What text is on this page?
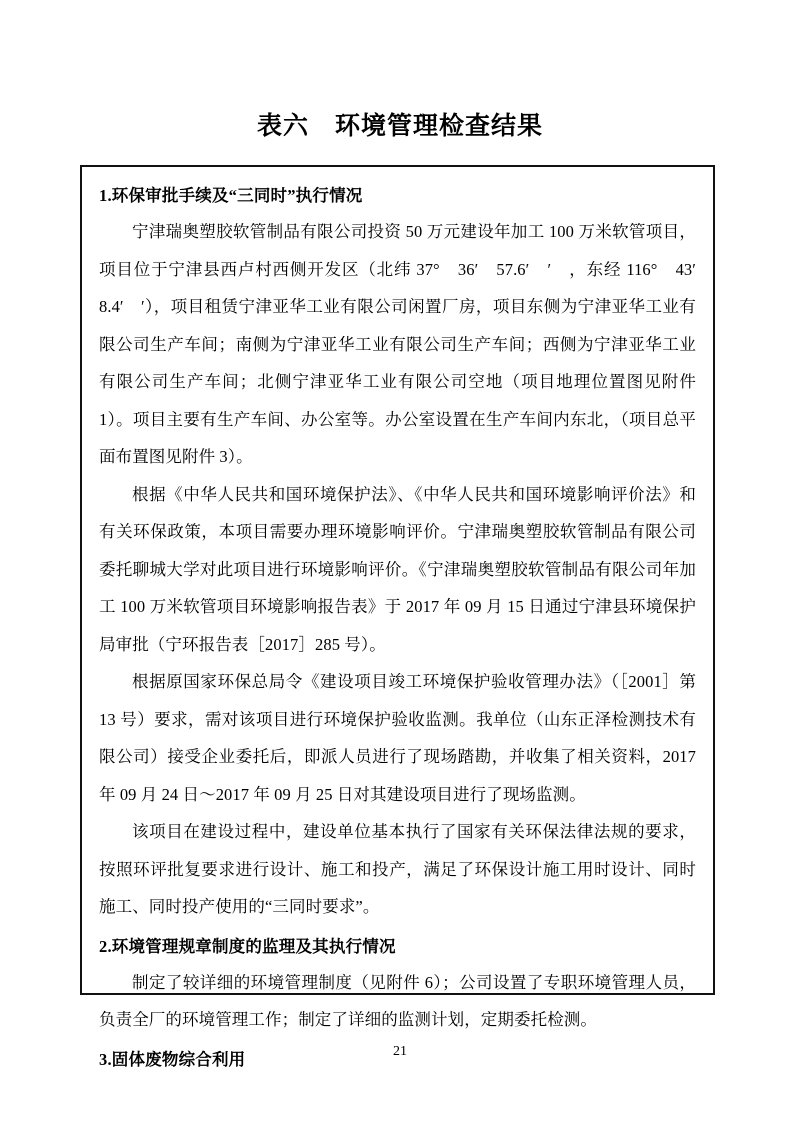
表六　环境管理检查结果
1.环保审批手续及“三同时”执行情况

宁津瑞奥塑胶软管制品有限公司投资 50 万元建设年加工 100 万米软管项目，项目位于宁津县西卢村西侧开发区（北纬 37°　36′　57.6′　′　，东经 116°　43′　8.4′　′），项目租赁宁津亚华工业有限公司闲置厂房，项目东侧为宁津亚华工业有限公司生产车间；南侧为宁津亚华工业有限公司生产车间；西侧为宁津亚华工业有限公司生产车间；北侧宁津亚华工业有限公司空地（项目地理位置图见附件 1）。项目主要有生产车间、办公室等。办公室设置在生产车间内东北，（项目总平面布置图见附件 3）。

根据《中华人民共和国环境保护法》、《中华人民共和国环境影响评价法》和有关环保政策，本项目需要办理环境影响评价。宁津瑞奥塑胶软管制品有限公司委托聊城大学对此项目进行环境影响评价。《宁津瑞奥塑胶软管制品有限公司年加工 100 万米软管项目环境影响报告表》于 2017 年 09 月 15 日通过宁津县环境保护局审批（宁环报告表［2017］285 号）。

根据原国家环保总局令《建设项目竣工环境保护验收管理办法》（［2001］第 13 号）要求，需对该项目进行环境保护验收监测。我单位（山东正泽检测技术有限公司）接受企业委托后，即派人员进行了现场踏勘，并收集了相关资料，2017 年 09 月 24 日～2017 年 09 月 25 日对其建设项目进行了现场监测。

该项目在建设过程中，建设单位基本执行了国家有关环保法律法规的要求，按照环评批复要求进行设计、施工和投产，满足了环保设计施工用时设计、同时施工、同时投产使用的“三同时要求”。

2.环境管理规章制度的监理及其执行情况

制定了较详细的环境管理制度（见附件 6）；公司设置了专职环境管理人员，负责全厂的环境管理工作；制定了详细的监测计划，定期委托检测。

3.固体废物综合利用	21
